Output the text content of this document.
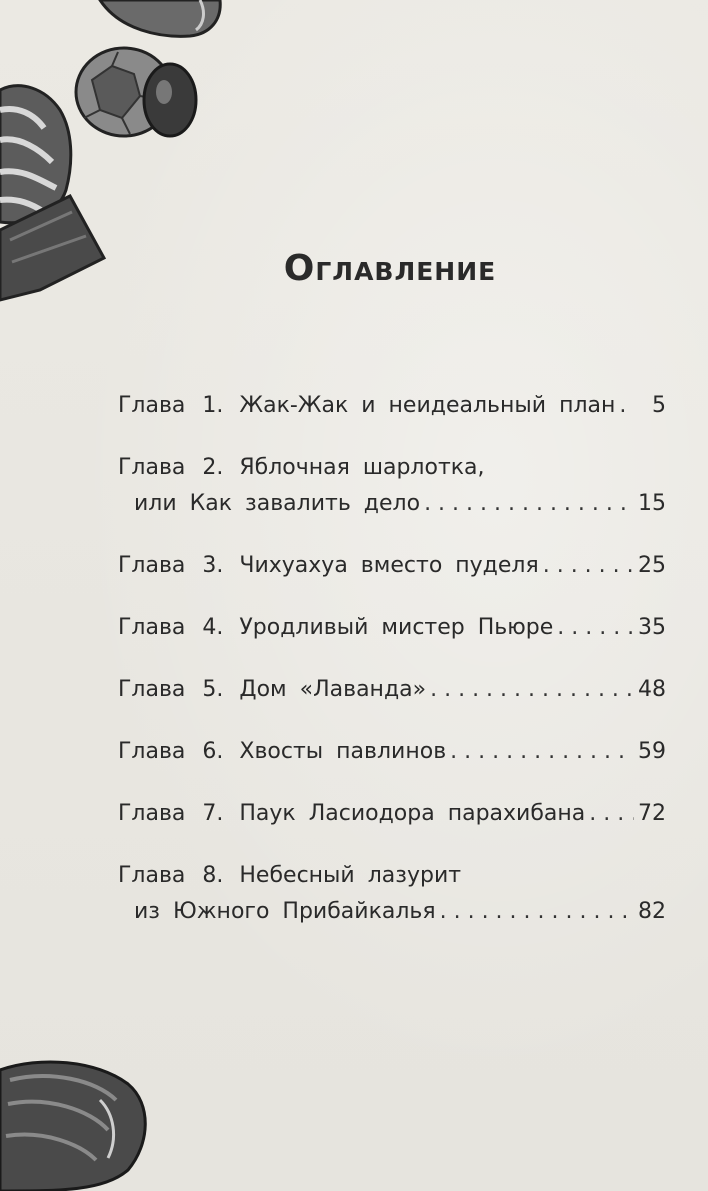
Оглавление
Глава 1. Жак-Жак и неидеальный план . . .	5
Глава 2. Яблочная шарлотка,
или Как завалить дело . . .	15
Глава 3. Чихуахуа вместо пуделя . . .	25
Глава 4. Уродливый мистер Пьюре . . .	35
Глава 5. Дом «Лаванда» . . .	48
Глава 6. Хвосты павлинов . . .	59
Глава 7. Паук Ласиодора парахибана . . . 72
Глава 8. Небесный лазурит
из Южного Прибайкалья . . .	82
